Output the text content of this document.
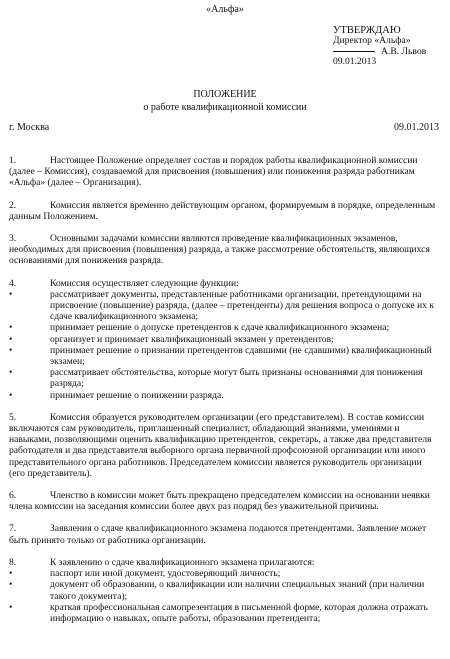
«Альфа»
УТВЕРЖДАЮ
Директор «Альфа»
А.В. Львов
09.01.2013
ПОЛОЖЕНИЕ
о работе квалификационной комиссии
г. Москва	09.01.2013
1.	Настоящее Положение определяет состав и порядок работы квалификационной комиссии (далее – Комиссия), создаваемой для присвоения (повышения) или понижения разряда работникам «Альфа» (далее – Организация).
2.	Комиссия является временно действующим органом, формируемым в порядке, определенным данным Положением.
3.	Основными задачами комиссии являются проведение квалификационных экзаменов, необходимых для присвоения (повышения) разряда, а также рассмотрение обстоятельств, являющихся основаниями для понижения разряда.
4.	Комиссия осуществляет следующие функции:
•	рассматривает документы, представленные работниками организации, претендующими на присвоение (повышение) разряда, (далее – претенденты) для решения вопроса о допуске их к сдаче квалификационного экзамена;
•	принимает решение о допуске претендентов к сдаче квалификационного экзамена;
•	организует и принимает квалификационный экзамен у претендентов;
•	принимает решение о признании претендентов сдавшими (не сдавшими) квалификационный экзамен;
•	рассматривает обстоятельства, которые могут быть признаны основаниями для понижения разряда;
•	принимает решение о понижении разряда.
5.	Комиссия образуется руководителем организации (его представителем). В состав комиссии включаются сам руководитель, приглашенный специалист, обладающий знаниями, умениями и навыками, позволяющими оценить квалификацию претендентов, секретарь, а также два представителя работодателя и два представителя выборного органа первичной профсоюзной организации или иного представительного органа работников. Председателем комиссии является руководитель организации (его представитель).
6.	Членство в комиссии может быть прекращено председателем комиссии на основании неявки члена комиссии на заседания комиссии более двух раз подряд без уважительной причины.
7.	Заявления о сдаче квалификационного экзамена подаются претендентами. Заявление может быть принято только от работника организации.
8.	К заявлению о сдаче квалификационного экзамена прилагаются:
•	паспорт или иной документ, удостоверяющий личность;
•	документ об образовании, о квалификации или наличии специальных знаний (при наличии такого документа);
•	краткая профессиональная самопрезентация в письменной форме, которая должна отражать информацию о навыках, опыте работы, образовании претендента;
